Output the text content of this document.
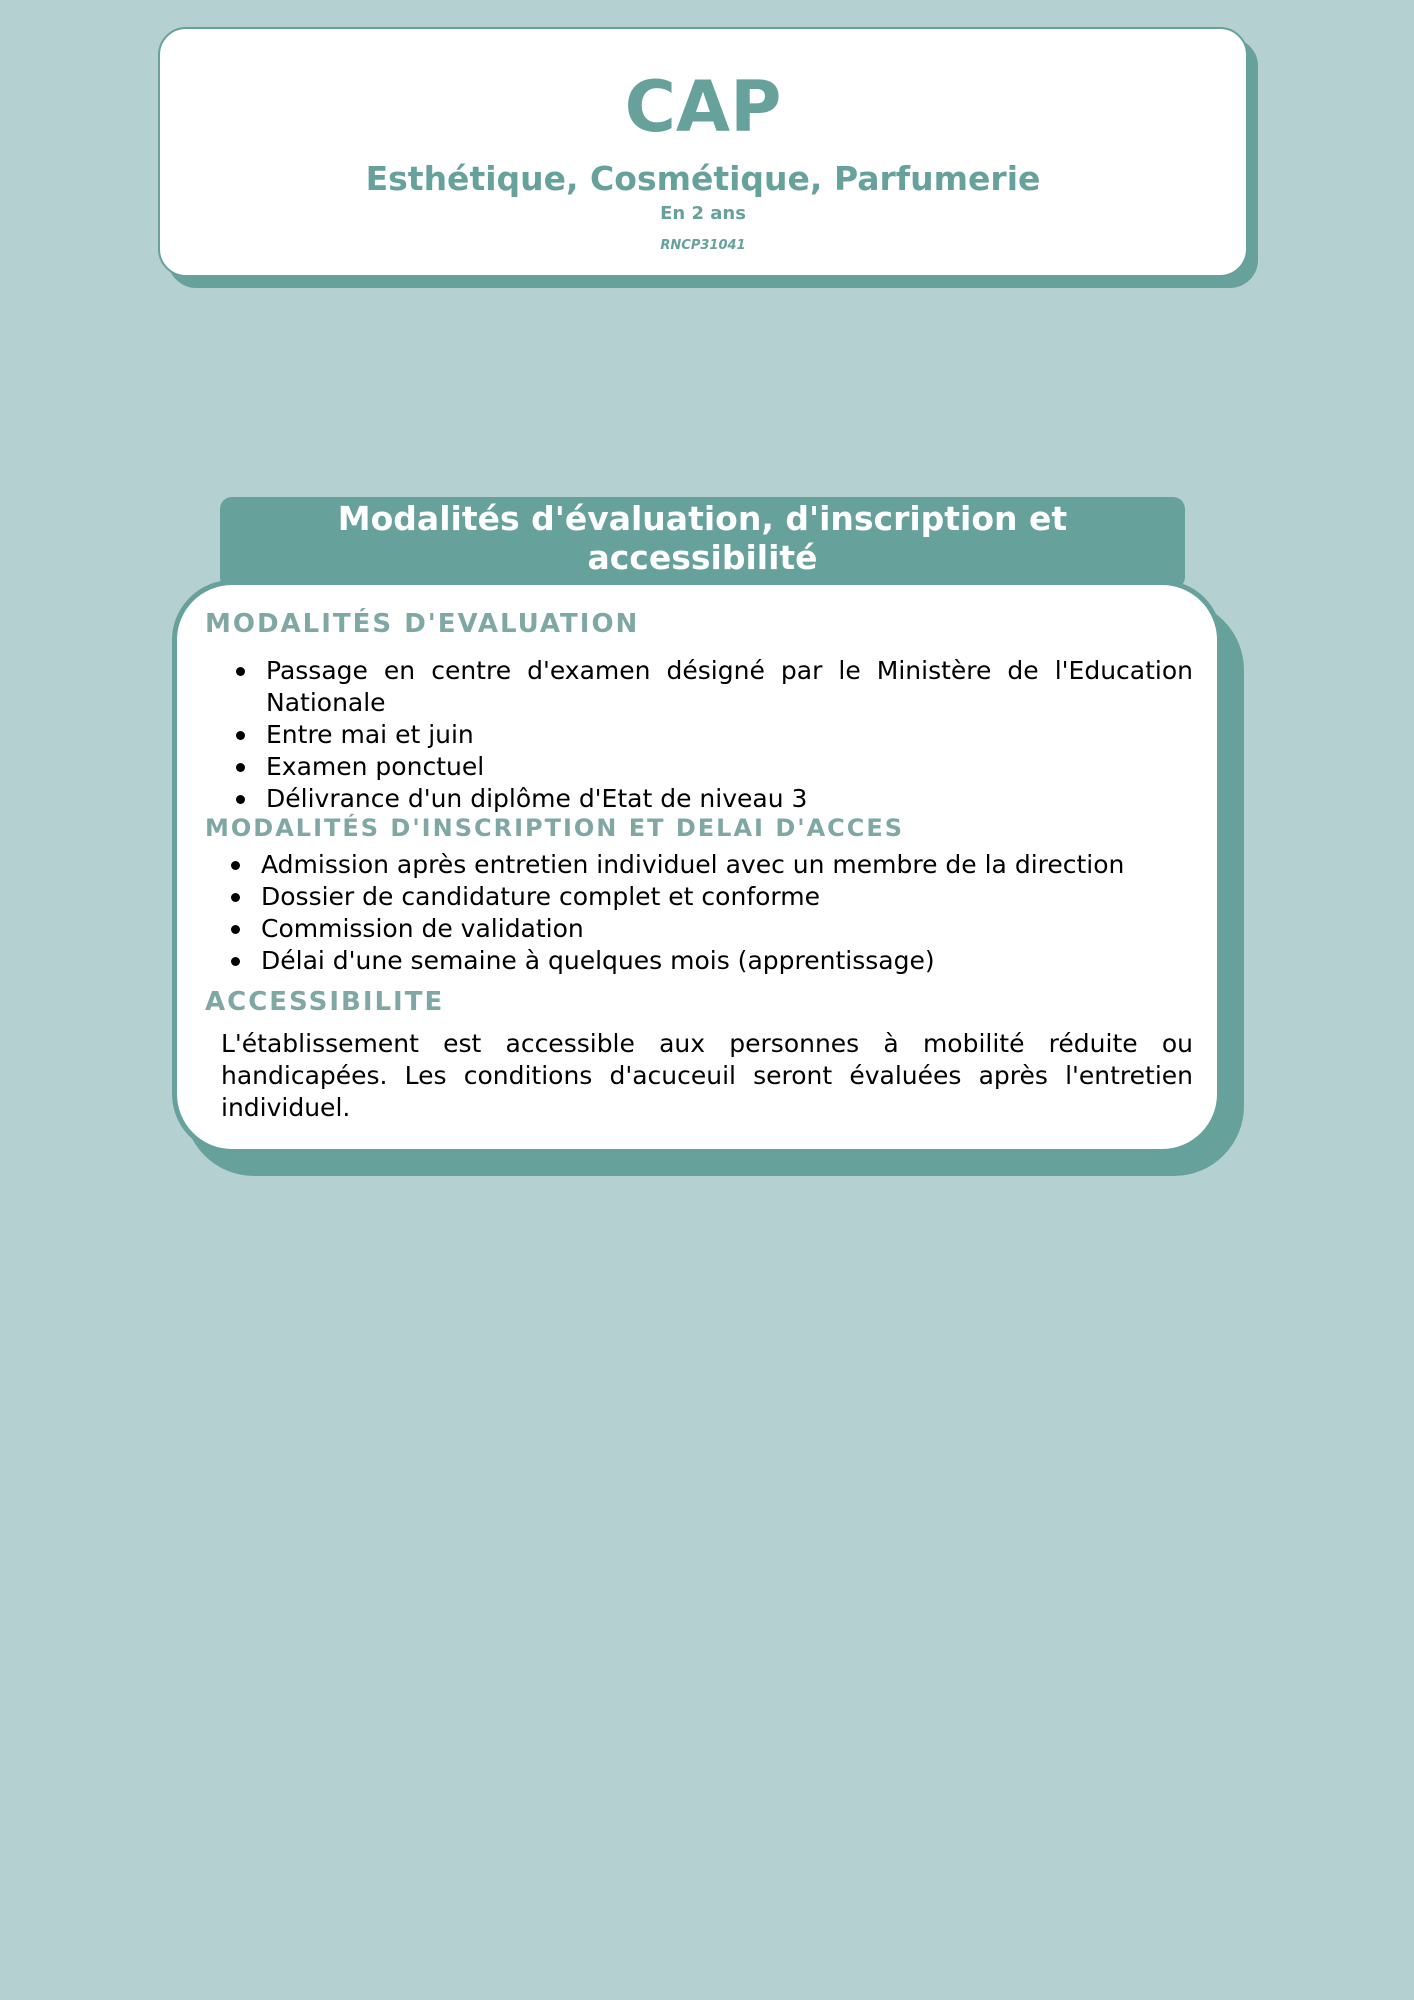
CAP
Esthétique, Cosmétique, Parfumerie
En 2 ans
RNCP31041
Modalités d'évaluation, d'inscription et
accessibilité
MODALITÉS D'EVALUATION
Passage en centre d'examen désigné par le Ministère de l'Education Nationale
Entre mai et juin
Examen ponctuel
Délivrance d'un diplôme d'Etat de niveau 3
MODALITÉS D'INSCRIPTION ET DELAI D'ACCES
Admission après entretien individuel avec un membre de la direction
Dossier de candidature complet et conforme
Commission de validation
Délai d'une semaine à quelques mois (apprentissage)
ACCESSIBILITE

L'établissement est accessible aux personnes à mobilité réduite ou handicapées. Les conditions d'acuceuil seront évaluées après l'entretien individuel.
